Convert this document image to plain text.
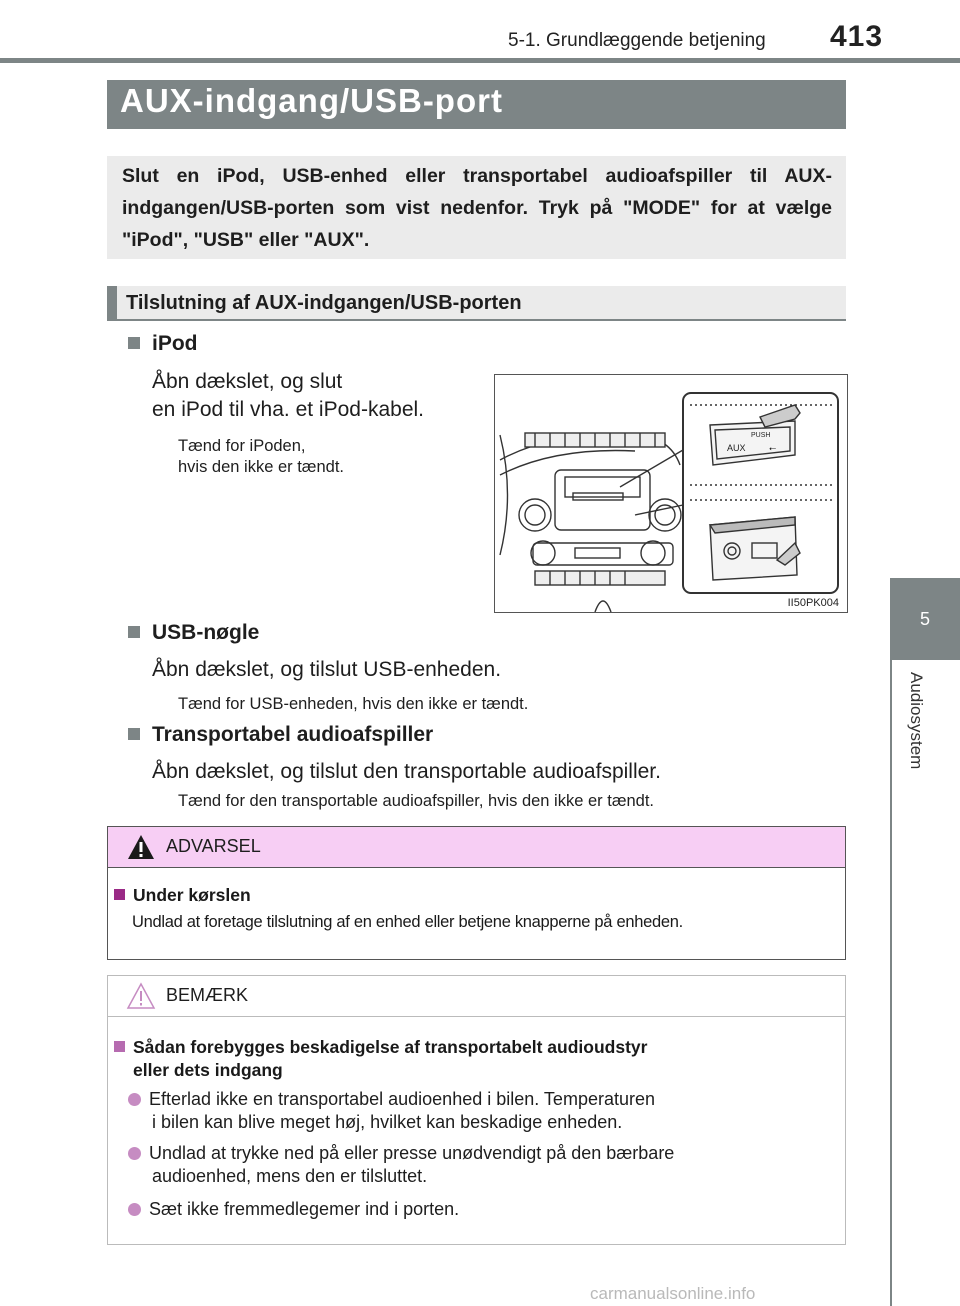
5-1. Grundlæggende betjening 413
5
Audiosystem
AUX-indgang/USB-port
Slut en iPod, USB-enhed eller transportabel audioafspiller til AUX-indgangen/USB-porten som vist nedenfor. Tryk på "MODE" for at vælge "iPod", "USB" eller "AUX".
Tilslutning af AUX-indgangen/USB-porten
iPod
Åbn dækslet, og slut
en iPod til vha. et iPod-kabel.
Tænd for iPoden,
hvis den ikke er tændt.
PUSH
AUX	⭠
II50PK004
USB-nøgle
Åbn dækslet, og tilslut USB-enheden.
Tænd for USB-enheden, hvis den ikke er tændt.
Transportabel audioafspiller
Åbn dækslet, og tilslut den transportable audioafspiller.
Tænd for den transportable audioafspiller, hvis den ikke er tændt.
ADVARSEL
Under kørslen
Undlad at foretage tilslutning af en enhed eller betjene knapperne på enheden.
BEMÆRK
Sådan forebygges beskadigelse af transportabelt audioudstyr
eller dets indgang
Efterlad ikke en transportabel audioenhed i bilen. Temperaturen
i bilen kan blive meget høj, hvilket kan beskadige enheden.
Undlad at trykke ned på eller presse unødvendigt på den bærbare
audioenhed, mens den er tilsluttet.
Sæt ikke fremmedlegemer ind i porten.
carmanualsonline.info
